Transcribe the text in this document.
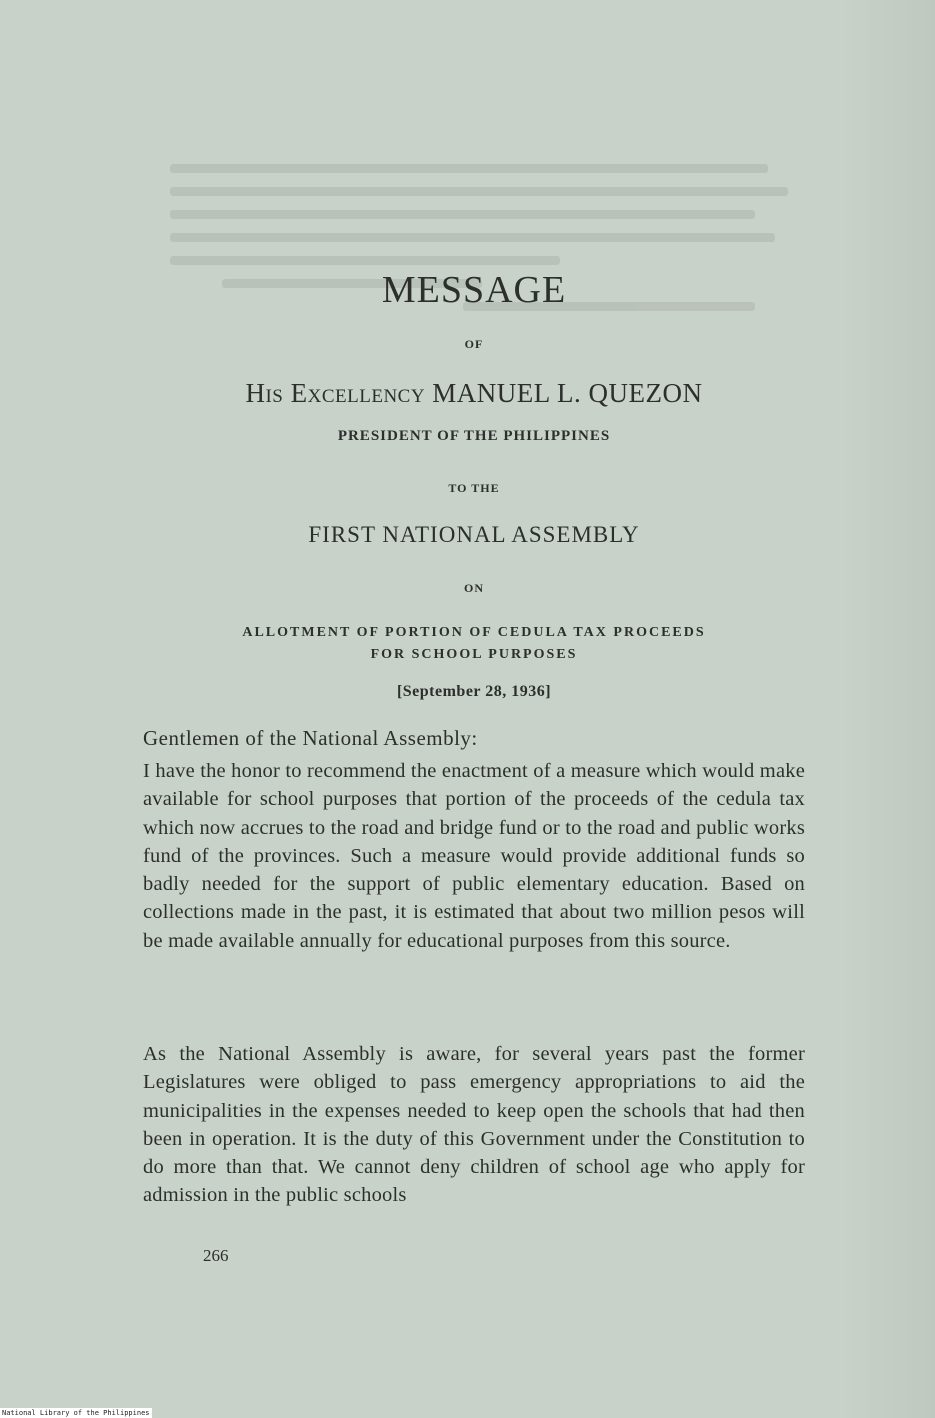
MESSAGE
OF
His Excellency MANUEL L. QUEZON
PRESIDENT OF THE PHILIPPINES
TO THE
FIRST NATIONAL ASSEMBLY
ON
ALLOTMENT OF PORTION OF CEDULA TAX PROCEEDS
FOR SCHOOL PURPOSES
[September 28, 1936]
Gentlemen of the National Assembly:
I have the honor to recommend the enactment of a measure which would make available for school purposes that portion of the proceeds of the cedula tax which now accrues to the road and bridge fund or to the road and public works fund of the provinces. Such a measure would provide additional funds so badly needed for the support of public elementary education. Based on collections made in the past, it is estimated that about two million pesos will be made available annually for educational purposes from this source.
As the National Assembly is aware, for several years past the former Legislatures were obliged to pass emergency appropriations to aid the municipalities in the expenses needed to keep open the schools that had then been in operation. It is the duty of this Government under the Constitution to do more than that. We cannot deny children of school age who apply for admission in the public schools
266
National Library of the Philippines
